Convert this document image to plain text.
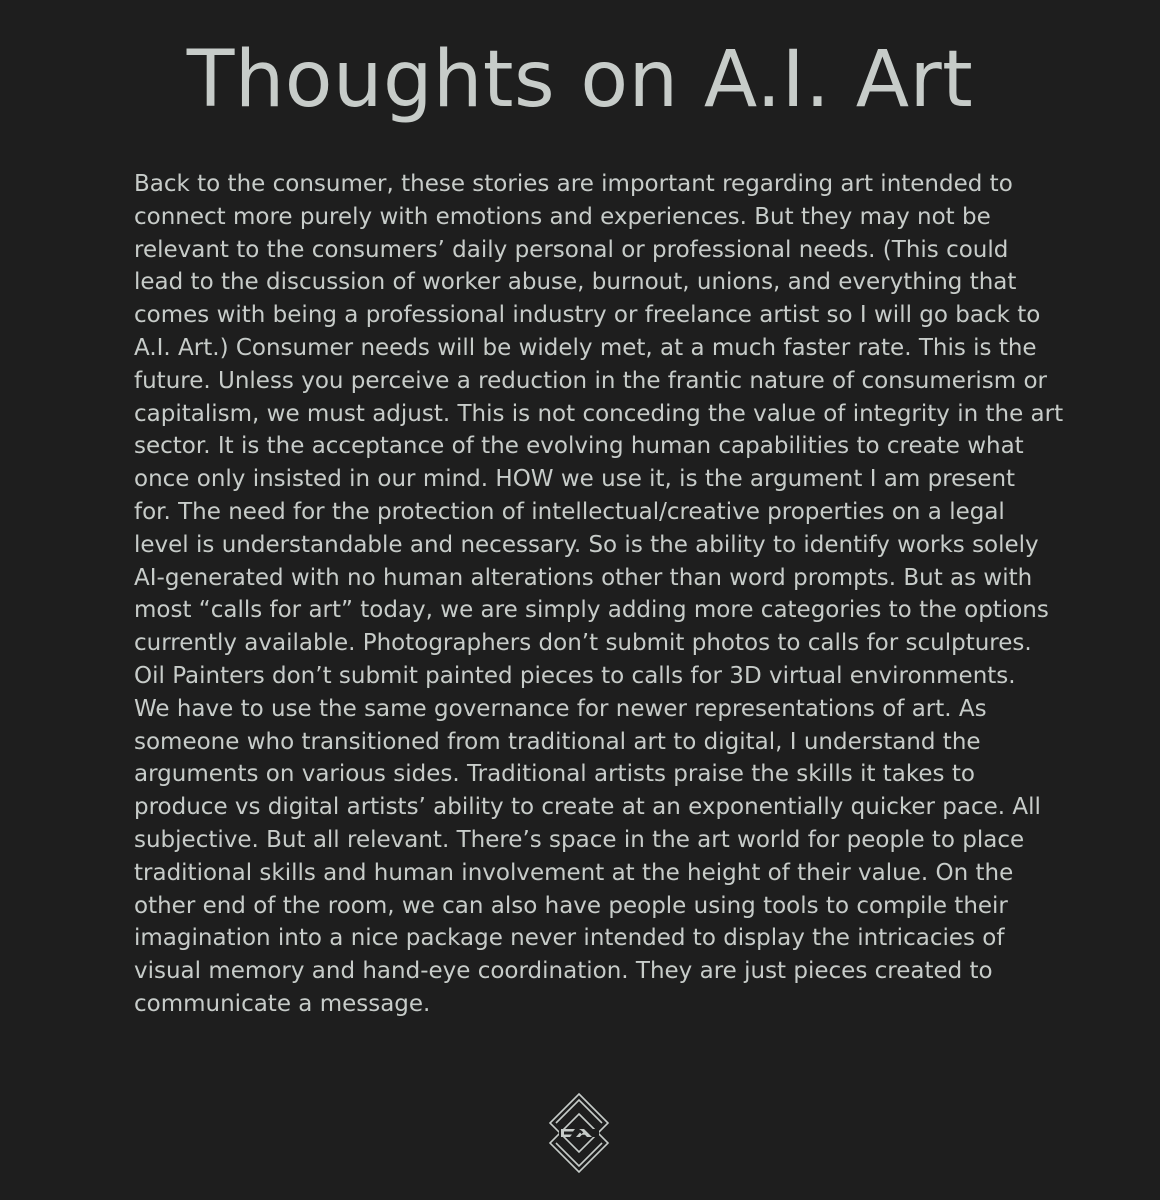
Thoughts on A.I. Art
Back to the consumer, these stories are important regarding art intended to
connect more purely with emotions and experiences. But they may not be
relevant to the consumers’ daily personal or professional needs. (This could
lead to the discussion of worker abuse, burnout, unions, and everything that
comes with being a professional industry or freelance artist so I will go back to
A.I. Art.) Consumer needs will be widely met, at a much faster rate. This is the
future. Unless you perceive a reduction in the frantic nature of consumerism or
capitalism, we must adjust. This is not conceding the value of integrity in the art
sector. It is the acceptance of the evolving human capabilities to create what
once only insisted in our mind. HOW we use it, is the argument I am present
for. The need for the protection of intellectual/creative properties on a legal
level is understandable and necessary. So is the ability to identify works solely
AI-generated with no human alterations other than word prompts. But as with
most “calls for art” today, we are simply adding more categories to the options
currently available. Photographers don’t submit photos to calls for sculptures.
Oil Painters don’t submit painted pieces to calls for 3D virtual environments.
We have to use the same governance for newer representations of art. As
someone who transitioned from traditional art to digital, I understand the
arguments on various sides. Traditional artists praise the skills it takes to
produce vs digital artists’ ability to create at an exponentially quicker pace. All
subjective. But all relevant. There’s space in the art world for people to place
traditional skills and human involvement at the height of their value. On the
other end of the room, we can also have people using tools to compile their
imagination into a nice package never intended to display the intricacies of
visual memory and hand-eye coordination. They are just pieces created to
communicate a message.
